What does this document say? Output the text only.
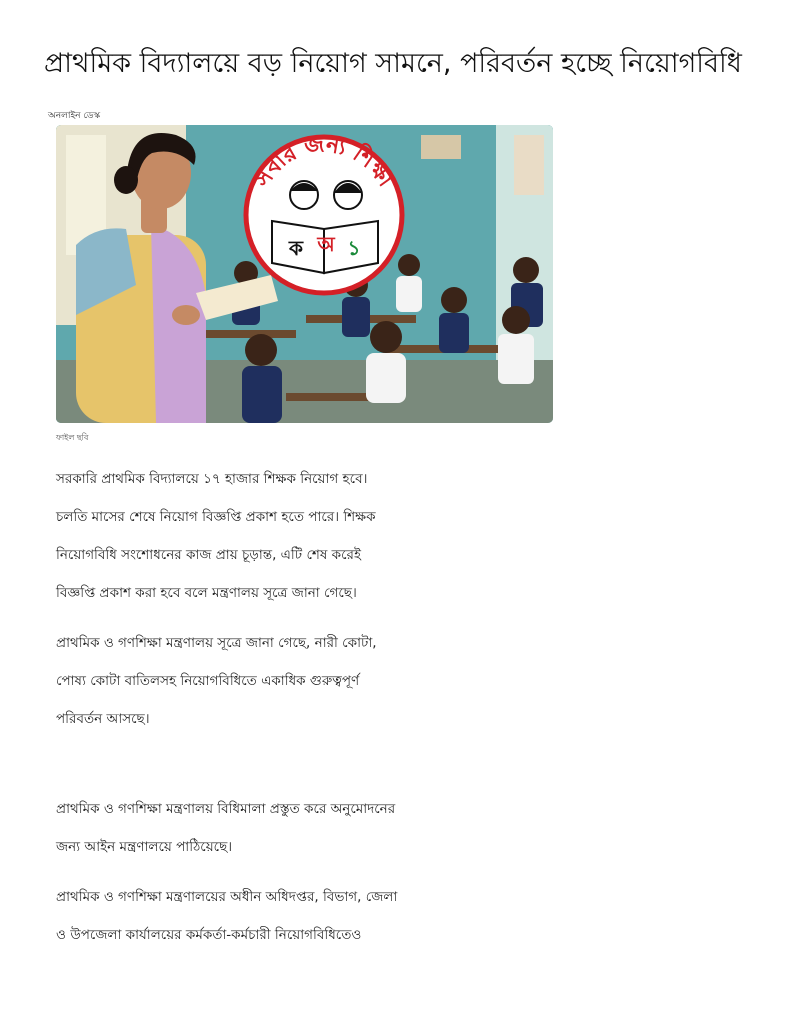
প্রাথমিক বিদ্যালয়ে বড় নিয়োগ সামনে, পরিবর্তন হচ্ছে নিয়োগবিধি
অনলাইন ডেস্ক
সবার জন্য শিক্ষা
ক অ ১
ফাইল ছবি

সরকারি প্রাথমিক বিদ্যালয়ে ১৭ হাজার শিক্ষক নিয়োগ হবে।
চলতি মাসের শেষে নিয়োগ বিজ্ঞপ্তি প্রকাশ হতে পারে। শিক্ষক
নিয়োগবিধি সংশোধনের কাজ প্রায় চূড়ান্ত, এটি শেষ করেই
বিজ্ঞপ্তি প্রকাশ করা হবে বলে মন্ত্রণালয় সূত্রে জানা গেছে।

প্রাথমিক ও গণশিক্ষা মন্ত্রণালয় সূত্রে জানা গেছে, নারী কোটা,
পোষ্য কোটা বাতিলসহ নিয়োগবিধিতে একাধিক গুরুত্বপূর্ণ
পরিবর্তন আসছে।

প্রাথমিক ও গণশিক্ষা মন্ত্রণালয় বিধিমালা প্রস্তুত করে অনুমোদনের
জন্য আইন মন্ত্রণালয়ে পাঠিয়েছে।

প্রাথমিক ও গণশিক্ষা মন্ত্রণালয়ের অধীন অধিদপ্তর, বিভাগ, জেলা
ও উপজেলা কার্যালয়ের কর্মকর্তা-কর্মচারী নিয়োগবিধিতেও
